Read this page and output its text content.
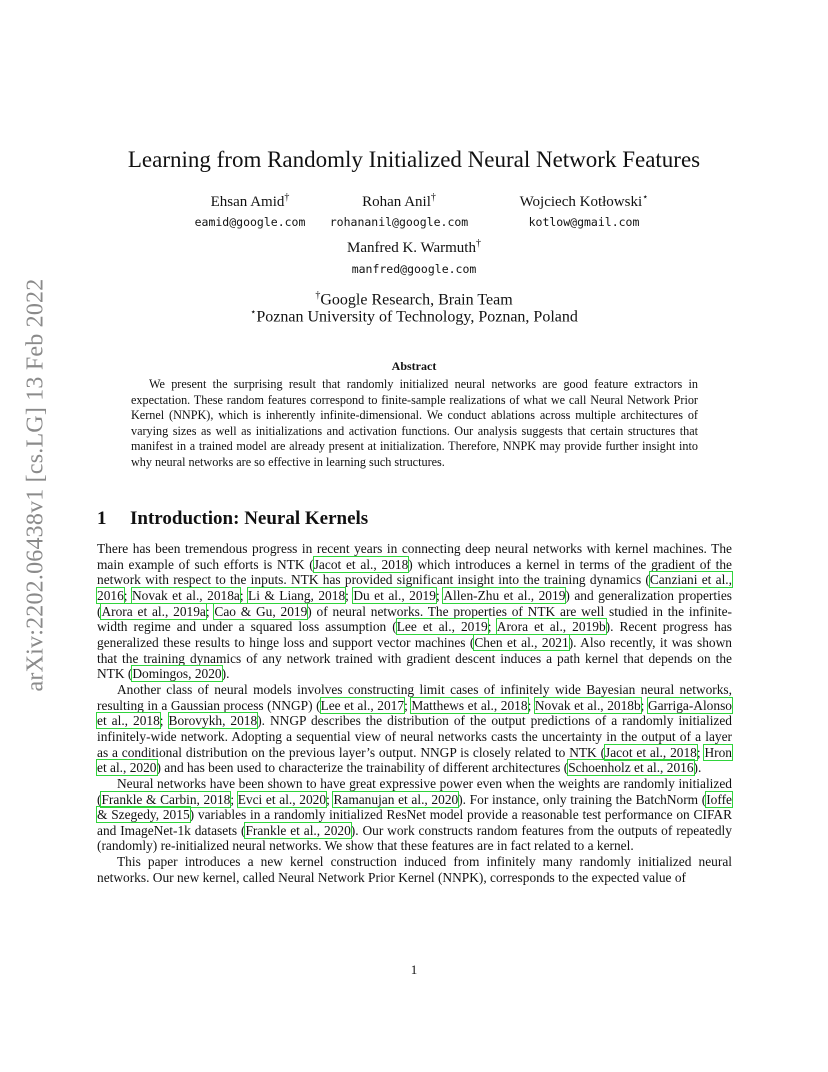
arXiv:2202.06438v1 [cs.LG] 13 Feb 2022
Learning from Randomly Initialized Neural Network Features
Ehsan Amid†
eamid@google.com
Rohan Anil†
rohananil@google.com
Wojciech Kotłowski⋆
kotlow@gmail.com
Manfred K. Warmuth†
manfred@google.com
†Google Research, Brain Team
⋆Poznan University of Technology, Poznan, Poland
Abstract

We present the surprising result that randomly initialized neural networks are good feature extractors in expectation. These random features correspond to finite-sample realizations of what we call Neural Network Prior Kernel (NNPK), which is inherently infinite-dimensional. We conduct ablations across multiple architectures of varying sizes as well as initializations and activation functions. Our analysis suggests that certain structures that manifest in a trained model are already present at initialization. Therefore, NNPK may provide further insight into why neural networks are so effective in learning such structures.

1 Introduction: Neural Kernels

There has been tremendous progress in recent years in connecting deep neural networks with kernel machines. The main example of such efforts is NTK (Jacot et al., 2018) which introduces a kernel in terms of the gradient of the network with respect to the inputs. NTK has provided significant insight into the training dynamics (Canziani et al., 2016; Novak et al., 2018a; Li & Liang, 2018; Du et al., 2019; Allen-Zhu et al., 2019) and generalization properties (Arora et al., 2019a; Cao & Gu, 2019) of neural networks. The properties of NTK are well studied in the infinite-width regime and under a squared loss assumption (Lee et al., 2019; Arora et al., 2019b). Recent progress has generalized these results to hinge loss and support vector machines (Chen et al., 2021). Also recently, it was shown that the training dynamics of any network trained with gradient descent induces a path kernel that depends on the NTK (Domingos, 2020).

Another class of neural models involves constructing limit cases of infinitely wide Bayesian neural networks, resulting in a Gaussian process (NNGP) (Lee et al., 2017; Matthews et al., 2018; Novak et al., 2018b; Garriga-Alonso et al., 2018; Borovykh, 2018). NNGP describes the distribution of the output predictions of a randomly initialized infinitely-wide network. Adopting a sequential view of neural networks casts the uncertainty in the output of a layer as a conditional distribution on the previous layer’s output. NNGP is closely related to NTK (Jacot et al., 2018; Hron et al., 2020) and has been used to characterize the trainability of different architectures (Schoenholz et al., 2016).

Neural networks have been shown to have great expressive power even when the weights are randomly initialized (Frankle & Carbin, 2018; Evci et al., 2020; Ramanujan et al., 2020). For instance, only training the BatchNorm (Ioffe & Szegedy, 2015) variables in a randomly initialized ResNet model provide a reasonable test performance on CIFAR and ImageNet-1k datasets (Frankle et al., 2020). Our work constructs random features from the outputs of repeatedly (randomly) re-initialized neural networks. We show that these features are in fact related to a kernel.

This paper introduces a new kernel construction induced from infinitely many randomly initialized neural networks. Our new kernel, called Neural Network Prior Kernel (NNPK), corresponds to the expected value of

1
